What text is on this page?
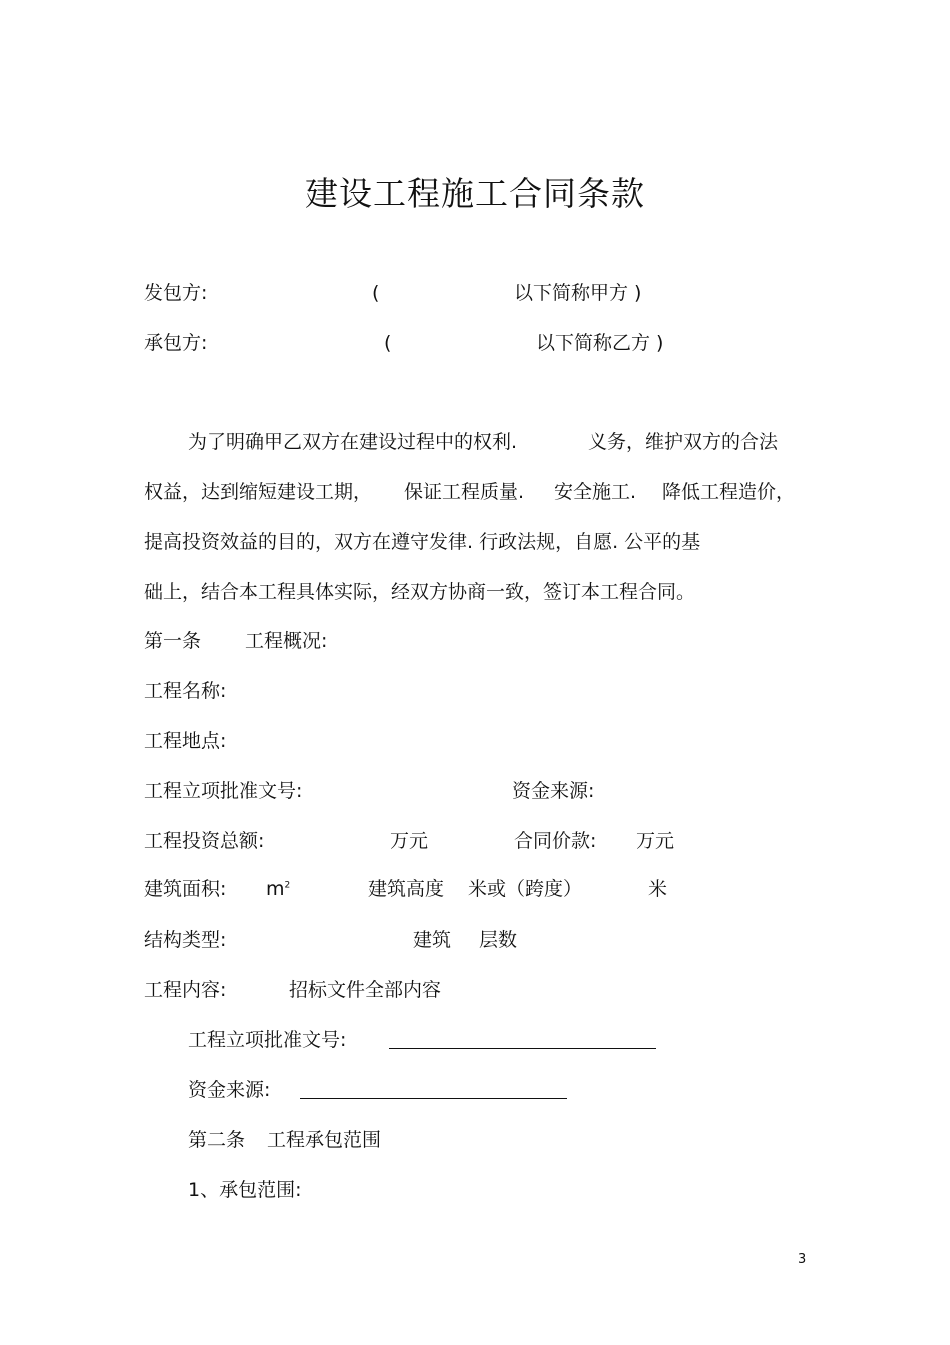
建设工程施工合同条款
发包方:	(	以下简称甲方 )
承包方:	(	以下简称乙方 )
为了明确甲乙双方在建设过程中的权利.	义务，维护双方的合法
权益，达到缩短建设工期， 保证工程质量. 安全施工. 降低工程造价，
提高投资效益的目的，双方在遵守发律. 行政法规，自愿. 公平的基
础上，结合本工程具体实际，经双方协商一致，签订本工程合同。
第一条 工程概况:
工程名称:
工程地点:
工程立项批准文号:	资金来源:
工程投资总额:	万元	合同价款: 万元
建筑面积: $m^2$	建筑高度 米或（跨度）	米
结构类型:	建筑 层数
工程内容:	招标文件全部内容
工程立项批准文号:
资金来源:
第二条 工程承包范围
1、承包范围:
3
